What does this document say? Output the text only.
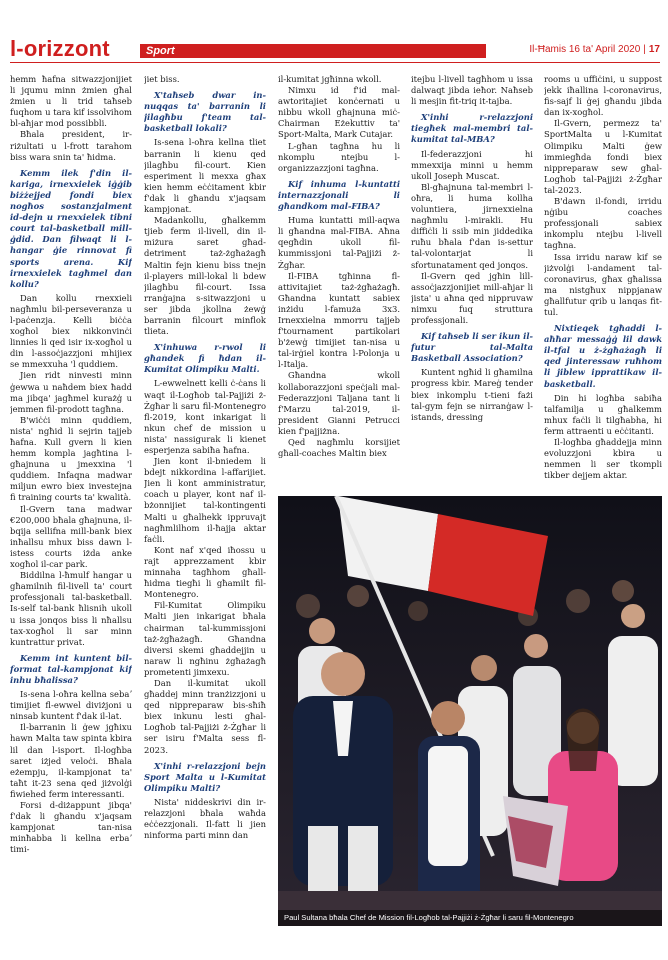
l-orizzont	Sport	Il-Ħamis 16 ta' April 2020 | 17

hemm ħafna sitwazzjonijiet li jqumu minn żmien għal żmien u li trid taħseb fuqhom u tara kif issolvihom bl-aħjar mod possibbli.

Bħala president, ir-riżultati u l-frott tarahom biss wara snin ta' ħidma.

Kemm ilek f'din il-kariga, irnexxielek iġġib biżżejjed fondi biex nogħos sostanzjalment id-dejn u rnexxielek tibni court tal-basketball mill-ġdid. Dan filwaqt li l-hangar ġie rinnovat fi sports arena. Kif irnexxielek tagħmel dan kollu?

Dan kollu rnexxieli nagħmlu bil-perseveranza u l-paċenzja. Kelli biċċa xogħol biex nikkonvinċi linnies li qed isir ix-xogħol u din l-assoċjazzjoni mhijiex se mmexxuha 'l quddiem.

Jien ridt ninvesti minn ġewwa u naħdem biex ħadd ma jibqa' jagħmel kurażġ u jemmen fil-prodott tagħna.

B'wiċċi minn quddiem, nista' ngħid li sejrin tajjeb ħafna. Kull gvern li kien hemm kompla jagħtina l-għajnuna u jmexxina 'l quddiem. Infaqna madwar miljun ewro biex investejna fi training courts ta' kwalità.

Il-Gvern tana madwar €200,000 bħala għajnuna, il-bqija sellifna mill-bank biex inħallsu mhux biss dawn l-istess courts iżda anke xogħol il-car park.

Biddilna l-ħmulf hangar u għamilnih fil-livell ta' court professjonali tal-basketball. Is-self tal-bank ħlisnih ukoll u issa jonqos biss li nħallsu tax-xogħol li sar minn kuntrattur privat.

Kemm int kuntent bil-format tal-kampjonat kif inhu bħalissa?

Is-sena l-oħra kellna sebaʼ timijiet fl-ewwel diviżjoni u ninsab kuntent f'dak il-lat.

Il-barranin li ġew jgħixu hawn Malta taw spinta kbira lil dan l-isport. Il-logħba saret iżjed veloċi. Bħala eżempju, il-kampjonat ta' taħt it-23 sena qed jiżvolġi fiwiehed ferm interessanti.

Forsi d-diżappunt jibqa' f'dak li għandu x'jaqsam kampjonat tan-nisa minħabba li kellna erbaʼ timi-

jiet biss.

X'taħseb dwar in-nuqqas ta' barranin li jilagħbu f'team tal-basketball lokali?

Is-sena l-oħra kellna tliet barranin li kienu qed jilagħbu fil-court. Kien esperiment li mexxa għax kien hemm eċċitament kbir f'dak li għandu x'jaqsam kampjonat.

Madankollu, għalkemm tjieb ferm il-livell, din il-miżura saret għad-detriment taż-żgħażagħ Maltin fejn kienu biss tnejn il-players mill-lokal li bdew jilagħbu fil-court. Issa rranġajna s-sitwazzjoni u ser jibda jkollna żewġ barranin filcourt minflok tlieta.

X'inhuwa r-rwol li għandek fi ħdan il-Kumitat Olimpiku Malti.

L-ewwelnett kelli ċ-ċans li waqt il-Logħob tal-Pajjiżi ż-Żgħar li saru fil-Montenegro fl-2019, kont inkarigat li nkun chef de mission u nista' nassigurak li kienet esperjenza sabiħa ħafna.

Jien kont il-bniedem li bdejt nikkordina l-affarijiet. Jien li kont amministratur, coach u player, kont naf il-bżonnijiet tal-kontingenti Malti u għalhekk ippruvajt nagħmlilhom il-ħajja aktar faċli.

Kont naf x'qed iħossu u rajt apprezzament kbir minnaha tagħhom għall-ħidma tiegħi li għamilt fil-Montenegro.

Fil-Kumitat Olimpiku Malti jien inkarigat bħala chairman tal-kummissjoni taż-żgħażagħ. Għandna diversi skemi għaddejjin u naraw li ngħinu żgħażagħ prometenti jimxexu.

Dan il-kumitat ukoll għaddej minn tranżizzjoni u qed nippreparaw bis-sħiħ biex inkunu lesti għal-Logħob tal-Pajjiżi ż-Żgħar li ser isiru f'Malta sess fl-2023.

X'inhi r-relazzjoni bejn Sport Malta u l-Kumitat Olimpiku Malti?

Nista' niddeskrivi din ir-relazzjoni bħala waħda eċċezzjonali. Il-fatt li jien ninforma parti minn dan

il-kumitat jgħinna wkoll.

Nimxu id f'id mal-awtoritajiet konċernati u nibbu wkoll għajnuna miċ-Chairman Eżekuttiv ta' Sport-Malta, Mark Cutajar.

L-għan tagħna hu li nkomplu ntejbu l-organizzazzjoni tagħna.

Kif inhuma l-kuntatti internazzjonali li għandkom mal-FIBA?

Huma kuntatti mill-aqwa li għandna mal-FIBA. Aħna qegħdin ukoll fil-kummissjoni tal-Pajjiżi ż-Żgħar.

Il-FIBA tgħinna fl-attivitajiet taż-żgħażagħ. Għandna kuntatt sabiex inżidu l-famuża 3x3. Irnexxielna mmorru tajjeb f'tournament partikolari b'żewġ timijiet tan-nisa u tal-irġiel kontra l-Polonja u l-Italja.

Għandna wkoll kollaborazzjoni speċjali mal-Federazzjoni Taljana tant li f'Marzu tal-2019, il-president Gianni Petrucci kien f'pajjiżna.

Qed nagħmlu korsijiet għall-coaches Maltin biex

itejbu l-livell tagħhom u issa dalwaqt jibda ieħor. Naħseb li mesjin fit-triq it-tajba.

X'inhi r-relazzjoni tiegħek mal-membri tal-kumitat tal-MBA?

Il-federazzjoni hi mmexxija minni u hemm ukoll Joseph Muscat.

Bl-għajnuna tal-membri l-oħra, li huma kollha voluntiera, jirnexxielna nagħmlu l-mirakli. Hu diffiċli li ssib min jiddedika ruħu bħala f'dan is-settur tal-volontarjat li sfortunatament qed jonqos.

Il-Gvern qed jgħin lill-assoċjazzjonijiet mill-aħjar li jista' u aħna qed nippruvaw nimxu fuq struttura professjonali.

Kif taħseb li ser ikun il-futur tal-Malta Basketball Association?

Kuntent ngħid li għamilna progress kbir. Mareġ tender biex inkomplu t-tieni fażi tal-gym fejn se nirranġaw l-istands, dressing

rooms u uffiċini, u suppost jekk iħallina l-coronavirus, fis-sajf li ġej għandu jibda dan ix-xogħol.

Il-Gvern, permezz ta' SportMalta u l-Kumitat Olimpiku Malti ġew immiegħda fondi biex nippreparaw sew għal-Logħob tal-Pajjiżi ż-Żgħar tal-2023.

B'dawn il-fondi, irridu nġibu coaches professjonali sabiex inkomplu ntejbu l-livell tagħna.

Issa irridu naraw kif se jiżvolġi l-andament tal-coronavirus, għax għalissa ma nistgħux nippjanaw għallfutur qrib u lanqas fit-tul.

Nixtieqek tgħaddi l-aħħar messaġġ lil dawk il-tfal u ż-żgħażagħ li qed jinteressaw ruħhom li jiblew ipprattikaw il-basketball.

Din hi logħba sabiħa talfamilja u għalkemm mhux faċli li tilgħabha, hi ferm attraenti u eċċitanti.

Il-logħba għaddejja minn evoluzzjoni kbira u nemmen li ser tkompli tikber dejjem aktar.

Paul Sultana bħala Chef de Mission fil-Logħob tal-Pajjiżi ż-Żgħar li saru fil-Montenegro
